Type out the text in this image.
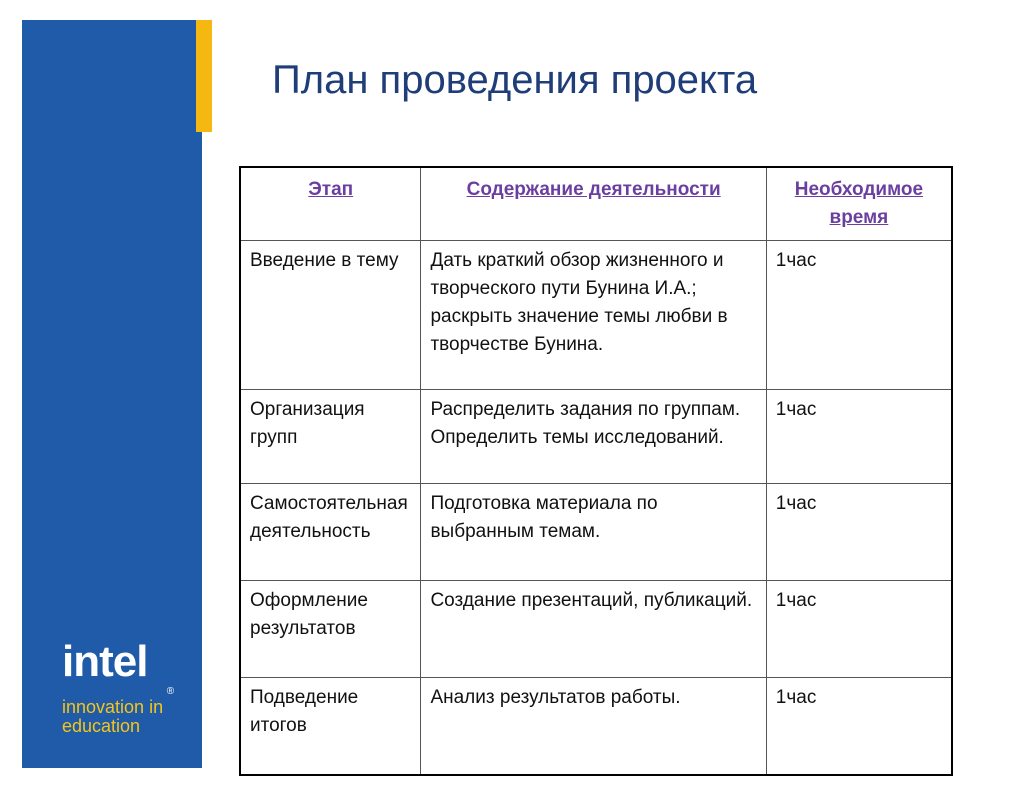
intel
®
innovation in
education
План проведения проекта
Этап	Содержание деятельности	Необходимое время
Введение в тему	Дать краткий обзор жизненного и творческого пути Бунина И.А.; раскрыть значение темы любви в творчестве Бунина.	1час
Организация групп	Распределить задания по группам. Определить темы исследований.	1час
Самостоятельная деятельность	Подготовка материала по выбранным темам.	1час
Оформление результатов	Создание презентаций, публикаций.	1час
Подведение итогов	Анализ результатов работы.	1час
